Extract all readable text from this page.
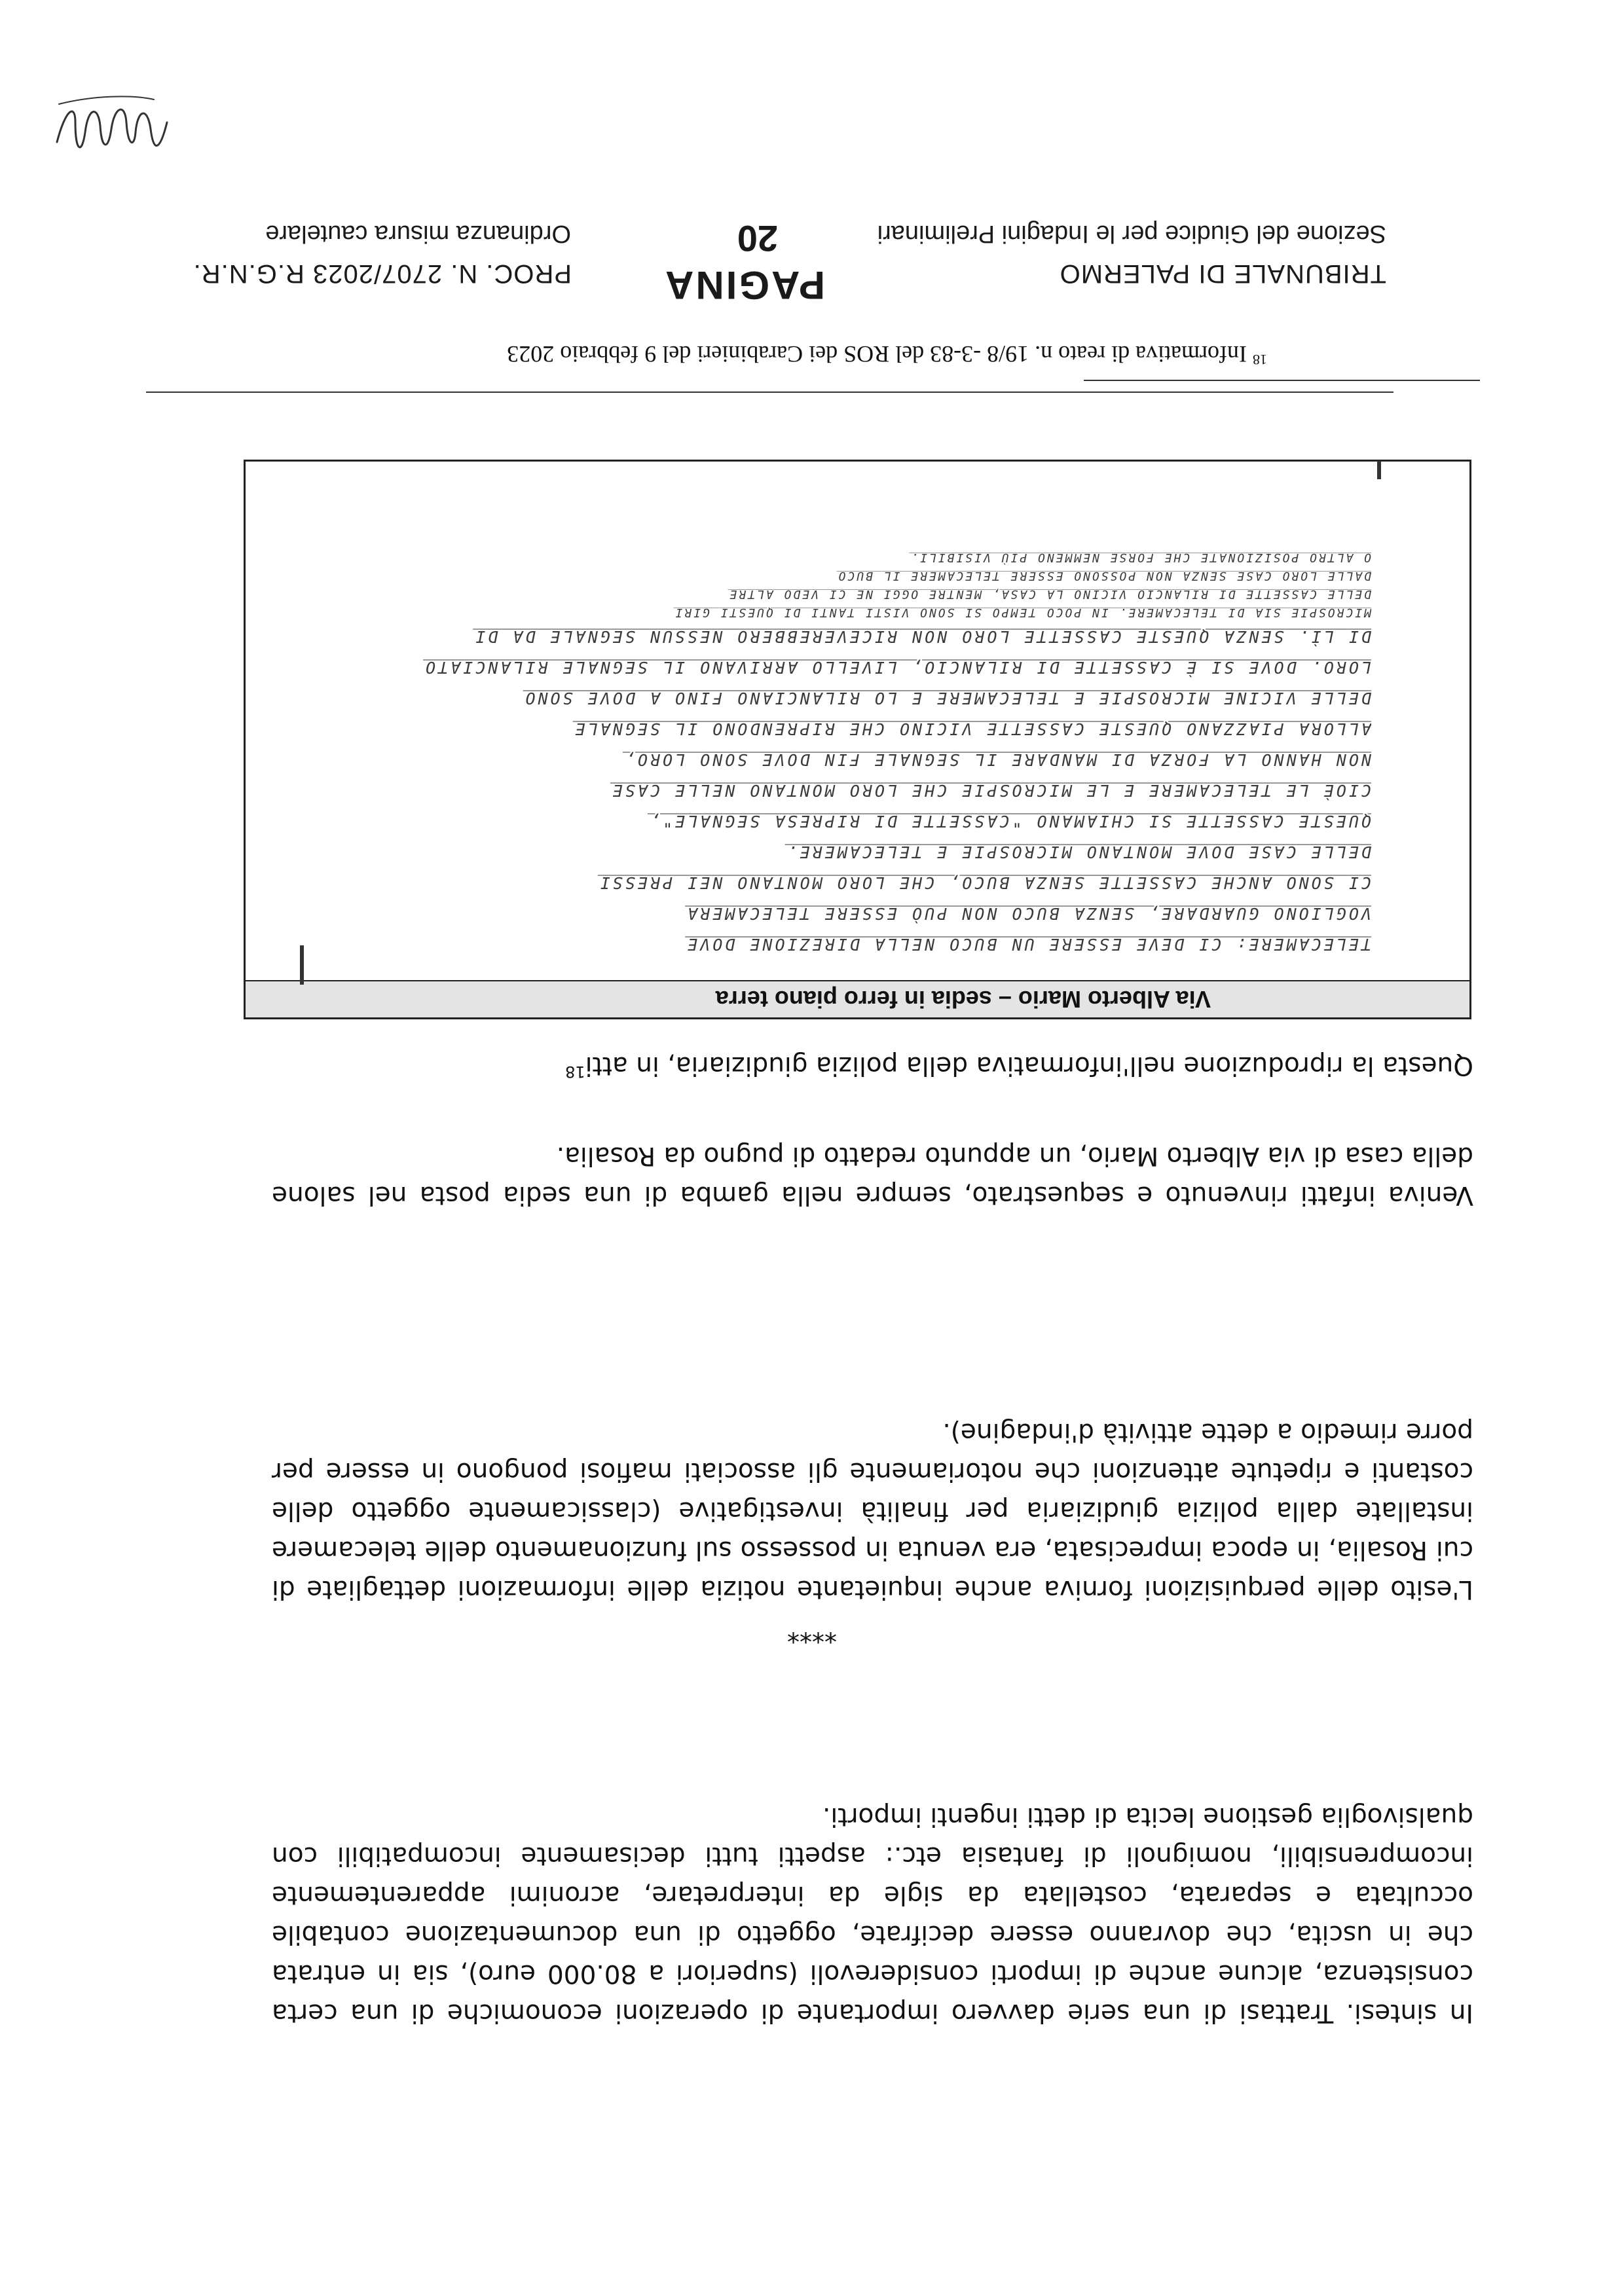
TRIBUNALE DI PALERMO
Sezione del Giudice per le Indagini Preliminari
PAGINA
20
PROC. N. 2707/2023 R.G.N.R.
Ordinanza misura cautelare

In sintesi. Trattasi di una serie davvero importante di operazioni economiche di una certa consistenza, alcune anche di importi considerevoli (superiori a 80.000 euro), sia in entrata che in uscita, che dovranno essere decifrate, oggetto di una documentazione contabile occultata e separata, costellata da sigle da interpretare, acronimi apparentemente incomprensibili, nomignoli di fantasia etc.: aspetti tutti decisamente incompatibili con qualsivoglia gestione lecita di detti ingenti importi.

****

L'esito delle perquisizioni forniva anche inquietante notizia delle informazioni dettagliate di cui Rosalia, in epoca imprecisata, era venuta in possesso sul funzionamento delle telecamere installate dalla polizia giudiziaria per finalità investigative (classicamente oggetto delle costanti e ripetute attenzioni che notoriamente gli associati mafiosi pongono in essere per porre rimedio a dette attività d'indagine).

Veniva infatti rinvenuto e sequestrato, sempre nella gamba di una sedia posta nel salone della casa di via Alberto Mario, un appunto redatto di pugno da Rosalia.

Questa la riproduzione nell'informativa della polizia giudiziaria, in atti$^{18}$

Via Alberto Mario – sedia in ferro piano terra
TELECAMERE: CI DEVE ESSERE UN BUCO NELLA DIREZIONE DOVE
VOGLIONO GUARDARE, SENZA BUCO NON PUÒ ESSERE TELECAMERA
CI SONO ANCHE CASSETTE SENZA BUCO, CHE LORO MONTANO NEI PRESSI
DELLE CASE DOVE MONTANO MICROSPIE E TELECAMERE.
QUESTE CASSETTE SI CHIAMANO "CASSETTE DI RIPRESA SEGNALE",
CIOÈ LE TELECAMERE E LE MICROSPIE CHE LORO MONTANO NELLE CASE
NON HANNO LA FORZA DI MANDARE IL SEGNALE FIN DOVE SONO LORO,
ALLORA PIAZZANO QUESTE CASSETTE VICINO CHE RIPRENDONO IL SEGNALE
DELLE VICINE MICROSPIE E TELECAMERE E LO RILANCIANO FINO A DOVE SONO
LORO. DOVE SI È CASSETTE DI RILANCIO, LIVELLO ARRIVANO IL SEGNALE RILANCIATO
DI LÌ. SENZA QUESTE CASSETTE LORO NON RICEVEREBBERO NESSUN SEGNALE DA DI
MICROSPIE SIA DI TELECAMERE. IN POCO TEMPO SI SONO VISTI TANTI DI QUESTI GIRI
DELLE CASSETTE DI RILANCIO VICINO LA CASA, MENTRE OGGI NE CI VEDO ALTRE
DALLE LORO CASE SENZA NON POSSONO ESSERE TELECAMERE IL BUCO
O ALTRO POSIZIONATE CHE FORSE NEMMENO PIÙ VISIBILI.
$^{18}$ Informativa di reato n. 19/8 -3-83 del ROS dei Carabinieri del 9 febbraio 2023
